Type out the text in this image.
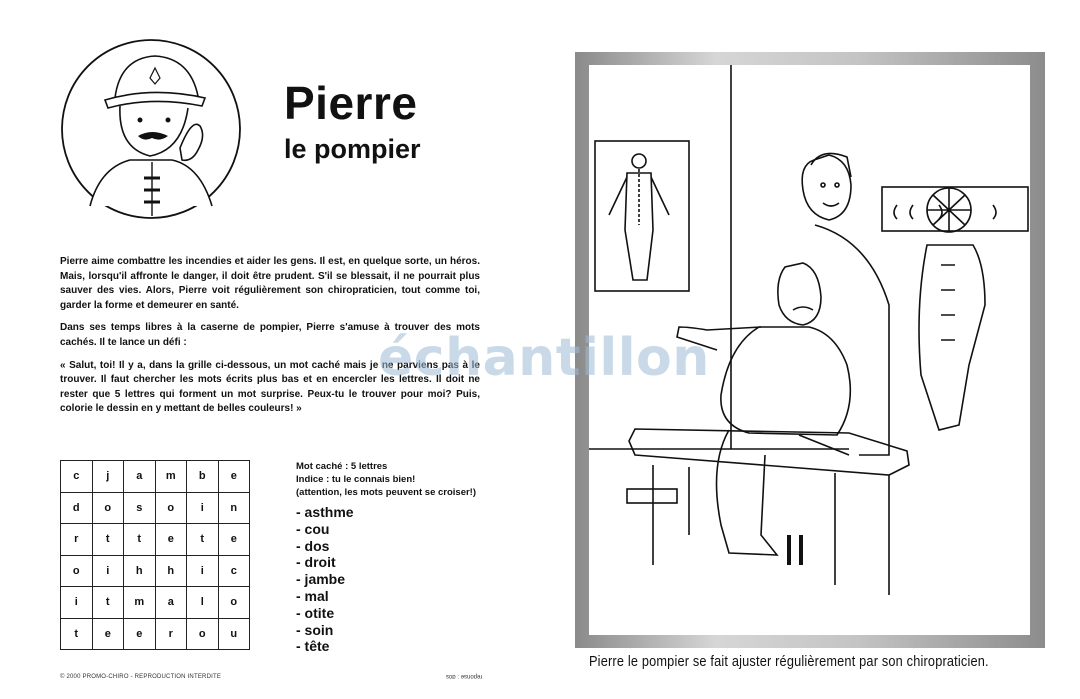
Pierre
le pompier

Pierre aime combattre les incendies et aider les gens. Il est, en quelque sorte, un héros. Mais, lorsqu'il affronte le danger, il doit être prudent. S'il se blessait, il ne pourrait plus sauver des vies. Alors, Pierre voit régulièrement son chiropraticien, tout comme toi, garder la forme et demeurer en santé.

Dans ses temps libres à la caserne de pompier, Pierre s'amuse à trouver des mots cachés. Il te lance un défi :

« Salut, toi! Il y a, dans la grille ci-dessous, un mot caché mais je ne parviens pas à le trouver. Il faut chercher les mots écrits plus bas et en encercler les lettres. Il doit ne rester que 5 lettres qui forment un mot surprise. Peux-tu le trouver pour moi? Puis, colorie le dessin en y mettant de belles couleurs! »

c	j	a	m	b	e
d	o	s	o	i	n
r	t	t	e	t	e
o	i	h	h	i	c
i	t	m	a	l	o
t	e	e	r	o	u
Mot caché : 5 lettres
Indice : tu le connais bien!
(attention, les mots peuvent se croiser!)
- asthme
- cou
- dos
- droit
- jambe
- mal
- otite
- soin
- tête
© 2000 PROMO-CHIRO - REPRODUCTION INTERDITE	réponse : dos
Pierre le pompier se fait ajuster régulièrement par son chiropraticien.
échantillon
